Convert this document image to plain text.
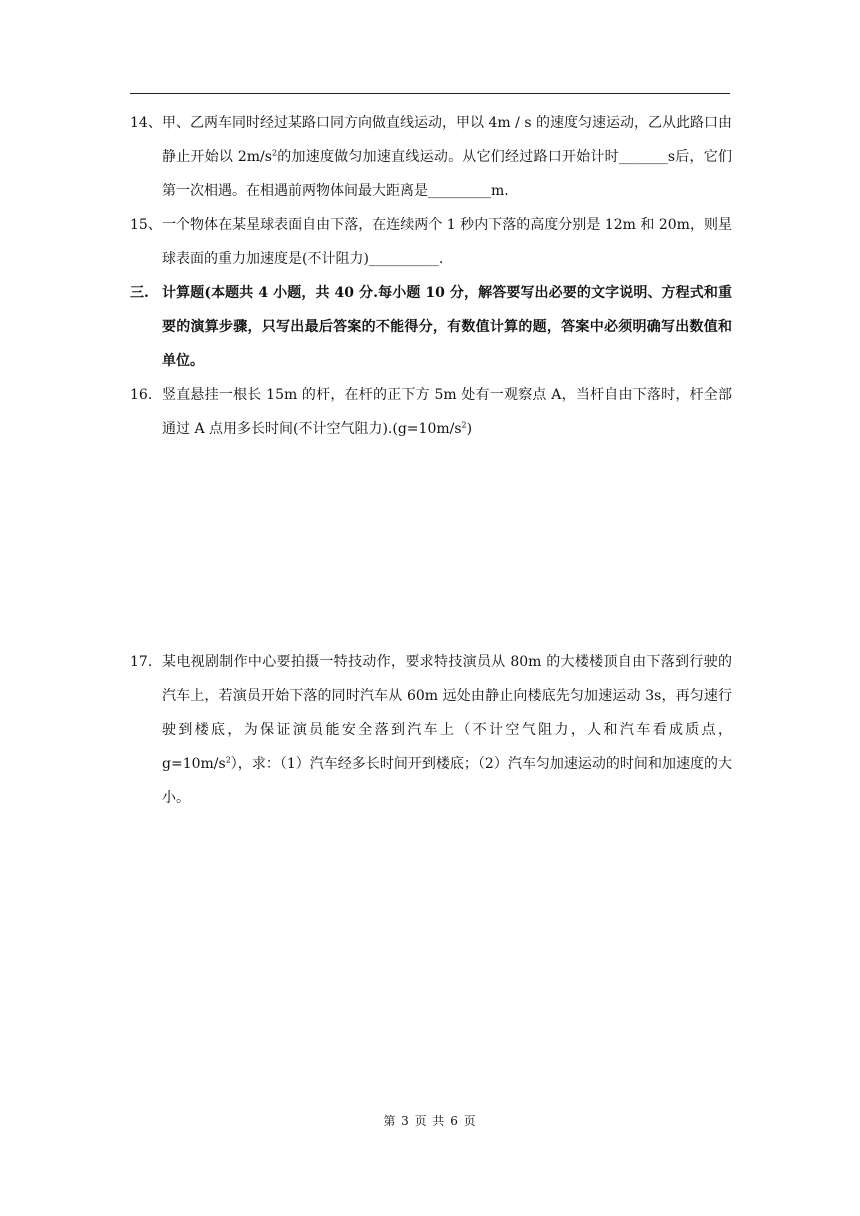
14、 甲、乙两车同时经过某路口同方向做直线运动，甲以 4m / s 的速度匀速运动，乙从此路口由静止开始以 $2m/s^2$的加速度做匀加速直线运动。从它们经过路口开始计时_______s后，它们第一次相遇。在相遇前两物体间最大距离是_________m.
15、 一个物体在某星球表面自由下落，在连续两个 1 秒内下落的高度分别是 12m 和 20m，则星球表面的重力加速度是(不计阻力)__________.
三. 计算题(本题共 4 小题，共 40 分.每小题 10 分，解答要写出必要的文字说明、方程式和重要的演算步骤，只写出最后答案的不能得分，有数值计算的题，答案中必须明确写出数值和单位。
16. 竖直悬挂一根长 15m 的杆，在杆的正下方 5m 处有一观察点 A，当杆自由下落时，杆全部通过 A 点用多长时间(不计空气阻力)$.(g=10m/s^2)$
17. 某电视剧制作中心要拍摄一特技动作，要求特技演员从 80m 的大楼楼顶自由下落到行驶的汽车上，若演员开始下落的同时汽车从 60m 远处由静止向楼底先匀加速运动 3s，再匀速行驶到楼底，为保证演员能安全落到汽车上（不计空气阻力，人和汽车看成质点，$g=10m/s^2$），求：（1）汽车经多长时间开到楼底；（2）汽车匀加速运动的时间和加速度的大小。
第 3 页 共 6 页
